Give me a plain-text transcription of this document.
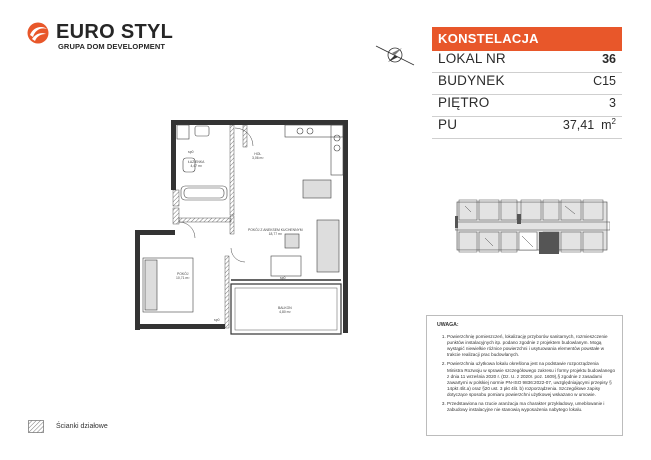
EURO STYL
GRUPA DOM DEVELOPMENT
KONSTELACJA
LOKAL NR	36
BUDYNEK	C15
PIĘTRO	3
PU	37,41 $m^2$
ŁAZIENKA
4,47 m²
HOL
3,06 m²
POKÓJ Z ANEKSEM KUCHENNYM
18,77 m²
POKÓJ
10,71 m²
BALKON
4,80 m²
sp0
sp0
sp0
UWAGA:
1. Powierzchnię pomieszczeń, lokalizację przyborów sanitarnych, rozmieszczenie punktów instalacyjnych itp. podano zgodnie z projektem budowlanym. Mogą wystąpić niewielkie różnice powierzchni i usytuowania elementów powstałe w trakcie realizacji prac budowlanych.
2. Powierzchnia użytkowa lokalu określona jest na podstawie rozporządzenia Ministra Rozwoju w sprawie szczegółowego zakresu i formy projektu budowlanego z dnia 11 września 2020 r. (Dz. U. z 2020r. poz. 1609),§ zgodnie z zasadami zawartymi w polskiej normie PN-ISO 9836:2022-07, uwzględniającymi przepisy § 14pkt 4lit.a) oraz §20 ust. 3 pkt 4lit. b) rozporządzenia. Szczegółowe zapisy dotyczące sposobu pomiaru powierzchni użytkowej wskazano w umowie.
3. Przedstawiona na rzucie aranżacja ma charakter przykładowy, umeblowanie i zabudowy instalacyjne nie stanowią wyposażenia nabytego lokalu.
Ścianki działowe
